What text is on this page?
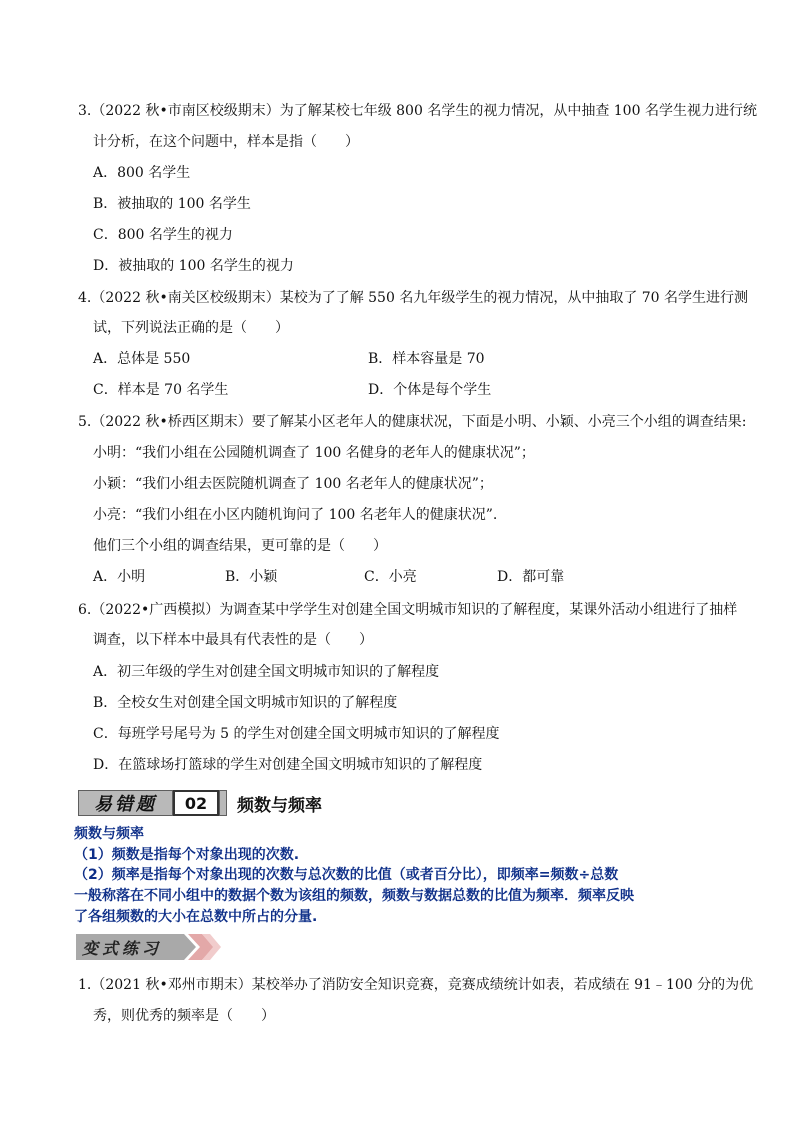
3.（2022 秋•市南区校级期末）为了解某校七年级 800 名学生的视力情况，从中抽查 100 名学生视力进行统
计分析，在这个问题中，样本是指（　　）
A．800 名学生
B．被抽取的 100 名学生
C．800 名学生的视力
D．被抽取的 100 名学生的视力
4.（2022 秋•南关区校级期末）某校为了了解 550 名九年级学生的视力情况，从中抽取了 70 名学生进行测
试，下列说法正确的是（　　）
A．总体是 550	B．样本容量是 70
C．样本是 70 名学生	D．个体是每个学生
5.（2022 秋•桥西区期末）要了解某小区老年人的健康状况，下面是小明、小颖、小亮三个小组的调查结果:
小明：“我们小组在公园随机调查了 100 名健身的老年人的健康状况”；
小颖：“我们小组去医院随机调查了 100 名老年人的健康状况”；
小亮：“我们小组在小区内随机询问了 100 名老年人的健康状况”.
他们三个小组的调查结果，更可靠的是（　　）
A．小明	B．小颖	C．小亮	D．都可靠
6.（2022•广西模拟）为调查某中学学生对创建全国文明城市知识的了解程度，某课外活动小组进行了抽样
调查，以下样本中最具有代表性的是（　　）
A．初三年级的学生对创建全国文明城市知识的了解程度
B．全校女生对创建全国文明城市知识的了解程度
C．每班学号尾号为 5 的学生对创建全国文明城市知识的了解程度
D．在篮球场打篮球的学生对创建全国文明城市知识的了解程度
易错题	02	频数与频率
频数与频率
（1）频数是指每个对象出现的次数.
（2）频率是指每个对象出现的次数与总次数的比值（或者百分比），即频率=频数÷总数
一般称落在不同小组中的数据个数为该组的频数，频数与数据总数的比值为频率．频率反映
了各组频数的大小在总数中所占的分量.
变式练习
1.（2021 秋•邓州市期末）某校举办了消防安全知识竞赛，竞赛成绩统计如表，若成绩在 91﹣100 分的为优
秀，则优秀的频率是（　　）
